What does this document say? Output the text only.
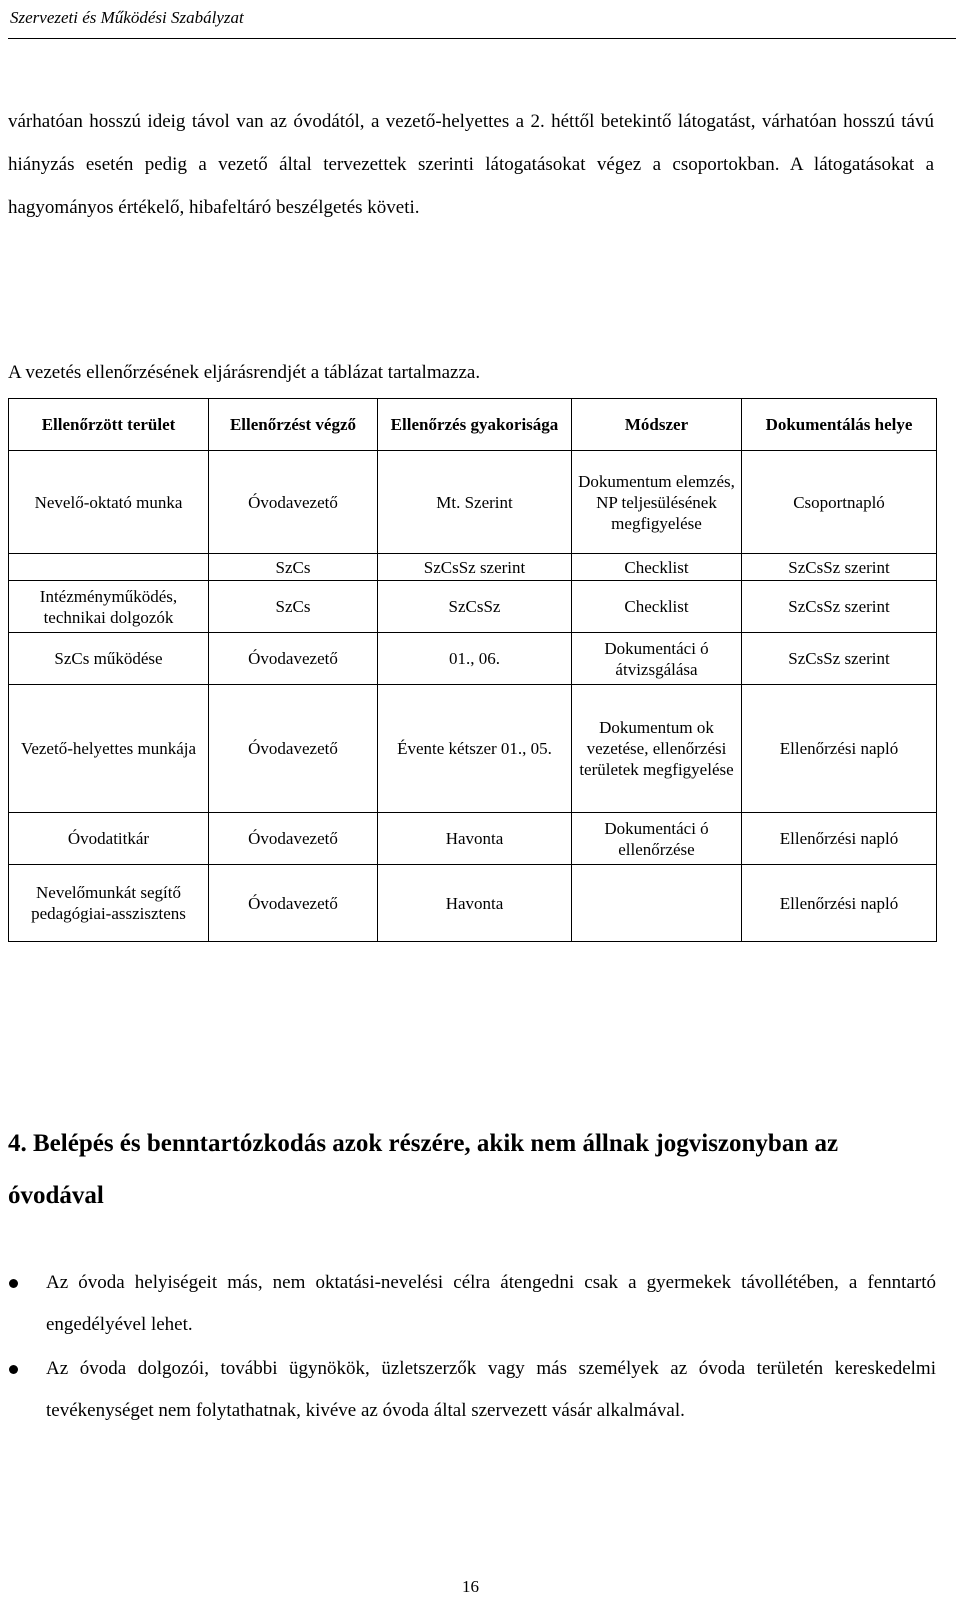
Szervezeti és Működési Szabályzat

várhatóan hosszú ideig távol van az óvodától, a vezető-helyettes a 2. héttől betekintő látogatást, várhatóan hosszú távú hiányzás esetén pedig a vezető által tervezettek szerinti látogatásokat végez a csoportokban. A látogatásokat a hagyományos értékelő, hibafeltáró beszélgetés követi.

A vezetés ellenőrzésének eljárásrendjét a táblázat tartalmazza.
Ellenőrzött terület	Ellenőrzést végző	Ellenőrzés gyakorisága	Módszer	Dokumentálás helye
Nevelő-oktató munka	Óvodavezető	Mt. Szerint	Dokumentum elemzés, NP teljesülésének megfigyelése	Csoportnapló
	SzCs	SzCsSz szerint	Checklist	SzCsSz szerint
Intézményműködés, technikai dolgozók	SzCs	SzCsSz	Checklist	SzCsSz szerint
SzCs működése	Óvodavezető	01., 06.	Dokumentáci ó átvizsgálása	SzCsSz szerint
Vezető-helyettes munkája	Óvodavezető	Évente kétszer 01., 05.	Dokumentum ok vezetése, ellenőrzési területek megfigyelése	Ellenőrzési napló
Óvodatitkár	Óvodavezető	Havonta	Dokumentáci ó ellenőrzése	Ellenőrzési napló
Nevelőmunkát segítő pedagógiai-asszisztens	Óvodavezető	Havonta		Ellenőrzési napló
4. Belépés és benntartózkodás azok részére, akik nem állnak jogviszonyban az óvodával
Az óvoda helyiségeit más, nem oktatási-nevelési célra átengedni csak a gyermekek távollétében, a fenntartó engedélyével lehet.
Az óvoda dolgozói, további ügynökök, üzletszerzők vagy más személyek az óvoda területén kereskedelmi tevékenységet nem folytathatnak, kivéve az óvoda által szervezett vásár alkalmával.
16
